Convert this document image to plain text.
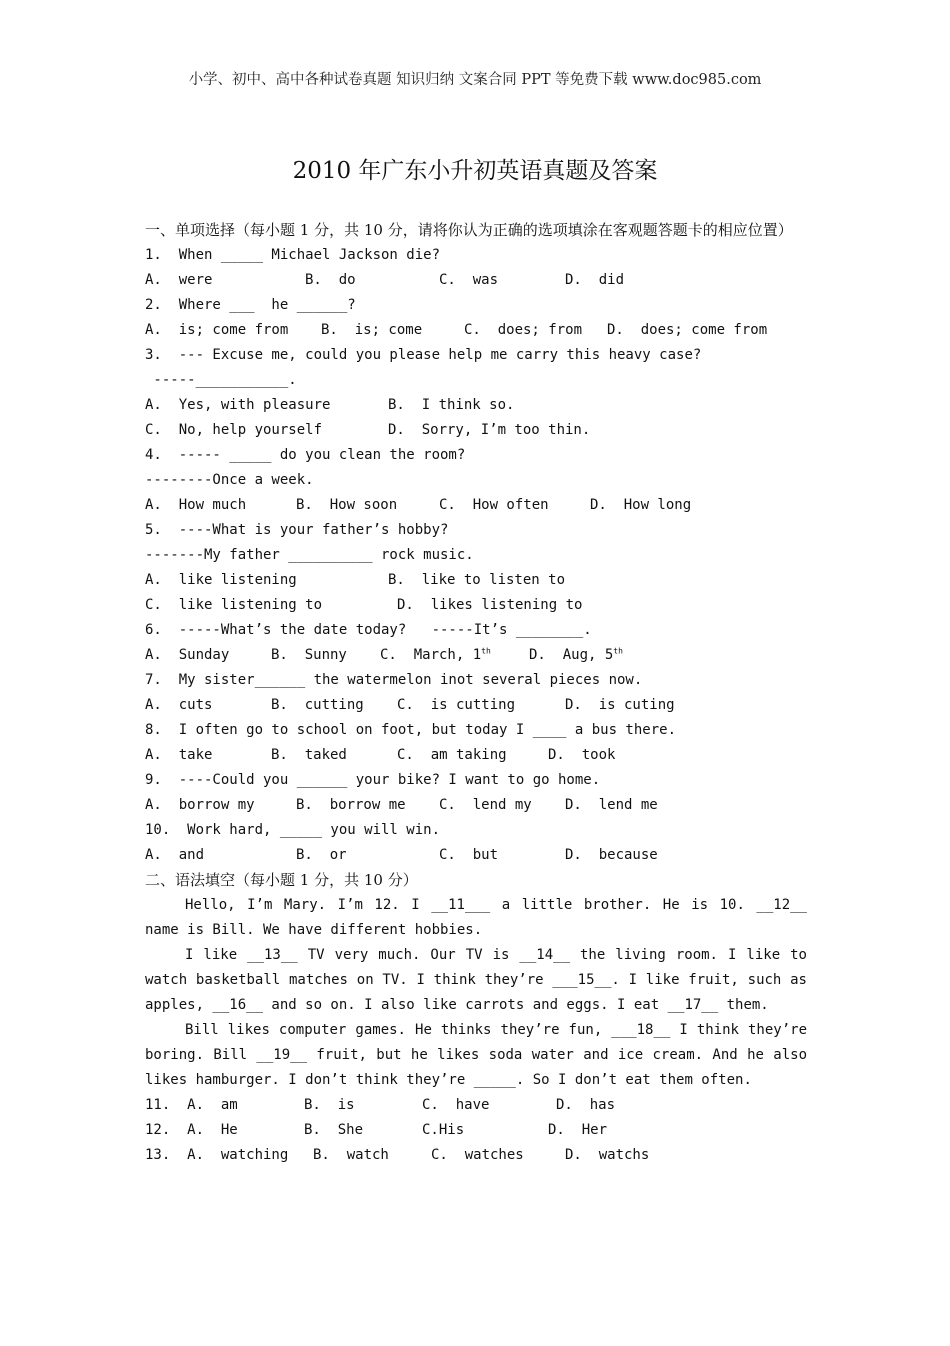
小学、初中、高中各种试卷真题 知识归纳 文案合同 PPT 等免费下载 www.doc985.com
2010 年广东小升初英语真题及答案
一、单项选择（每小题 1 分，共 10 分，请将你认为正确的选项填涂在客观题答题卡的相应位置）
1.  When _____ Michael Jackson die?
A.  were	B.  do	C.  was	D.  did
2.  Where ___  he ______?
A.  is; come from	B.  is; come	C.  does; from	D.  does; come from
3.  --- Excuse me, could you please help me carry this heavy case?
-----___________.
A.  Yes, with pleasure	B.  I think so.
C.  No, help yourself	D.  Sorry, I’m too thin.
4.  ----- _____ do you clean the room?
--------Once a week.
A.  How much	B.  How soon	C.  How often	D.  How long
5.  ----What is your father’s hobby?
-------My father __________ rock music.
A.  like listening	B.  like to listen to
C.  like listening to	D.  likes listening to
6.  -----What’s the date today?   -----It’s ________.
A.  Sunday	B.  Sunny	C.  March, 1th	D.  Aug, 5th
7.  My sister______ the watermelon inot several pieces now.
A.  cuts	B.  cutting	C.  is cutting	D.  is cuting
8.  I often go to school on foot, but today I ____ a bus there.
A.  take	B.  taked	C.  am taking	D.  took
9.  ----Could you ______ your bike? I want to go home.
A.  borrow my	B.  borrow me	C.  lend my	D.  lend me
10.  Work hard, _____ you will win.
A.  and	B.  or	C.  but	D.  because
二、语法填空（每小题 1 分，共 10 分）
Hello, I’m Mary. I’m 12. I __11___ a little brother. He is 10. __12__ name is Bill. We have different hobbies.
I like __13__ TV very much. Our TV is __14__ the living room. I like to watch basketball matches on TV. I think they’re ___15__. I like fruit, such as apples, __16__ and so on. I also like carrots and eggs. I eat __17__ them.
Bill likes computer games. He thinks they’re fun, ___18__ I think they’re boring. Bill __19__ fruit, but he likes soda water and ice cream. And he also likes hamburger. I don’t think they’re _____. So I don’t eat them often.
11.  A.  am	B.  is	C.  have	D.  has
12.  A.  He	B.  She	C.His	D.  Her
13.  A.  watching	B.  watch	C.  watches	D.  watchs
